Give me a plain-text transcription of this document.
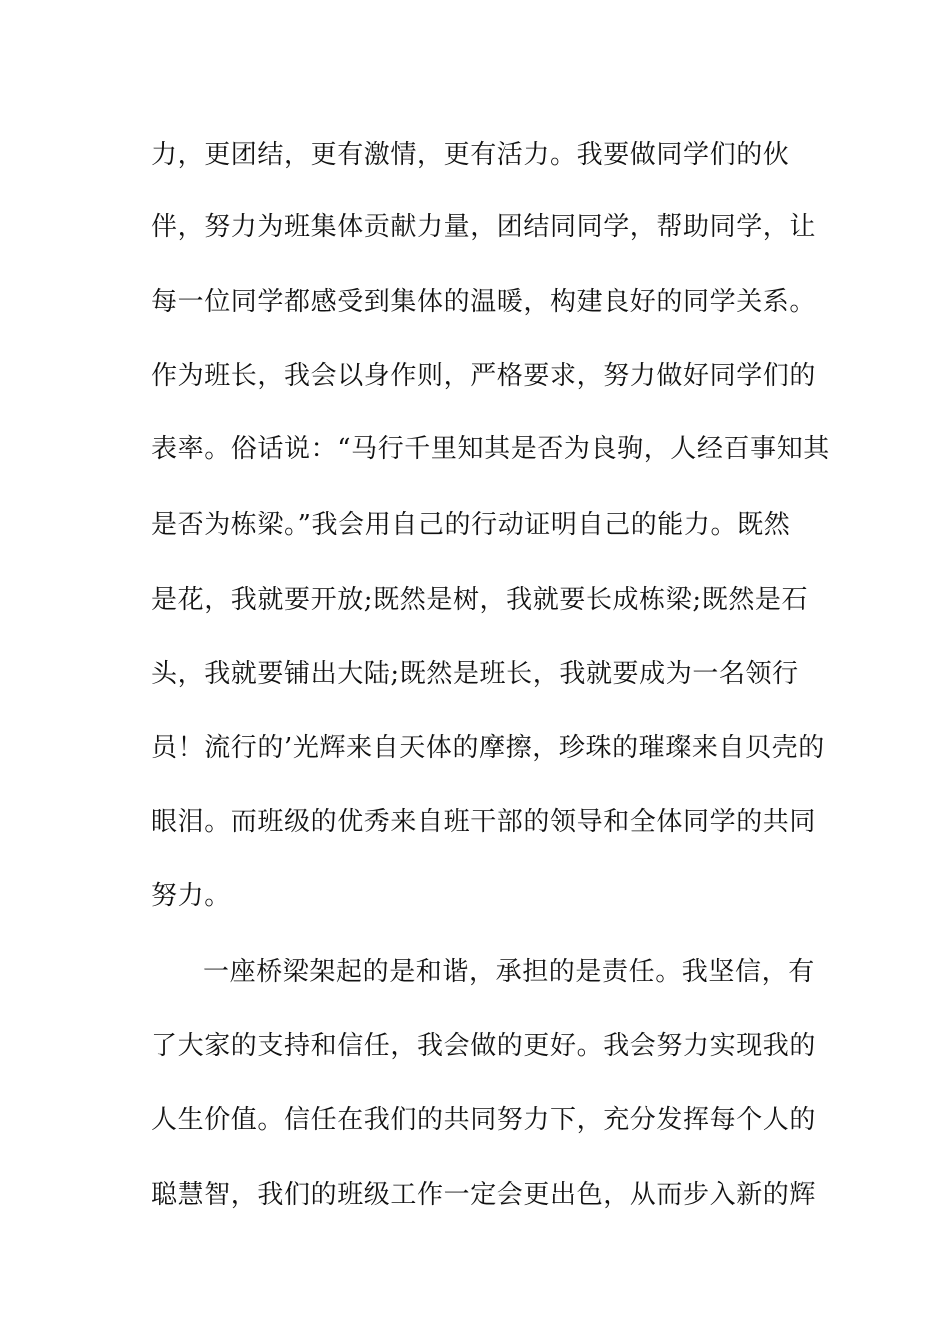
力，更团结，更有激情，更有活力。我要做同学们的伙
伴，努力为班集体贡献力量，团结同同学，帮助同学，让
每一位同学都感受到集体的温暖，构建良好的同学关系。
作为班长，我会以身作则，严格要求，努力做好同学们的
表率。俗话说：“马行千里知其是否为良驹，人经百事知其
是否为栋梁。”我会用自己的行动证明自己的能力。既然
是花，我就要开放;既然是树，我就要长成栋梁;既然是石
头，我就要铺出大陆;既然是班长，我就要成为一名领行
员！流行的’光辉来自天体的摩擦，珍珠的璀璨来自贝壳的
眼泪。而班级的优秀来自班干部的领导和全体同学的共同
努力。
一座桥梁架起的是和谐，承担的是责任。我坚信，有
了大家的支持和信任，我会做的更好。我会努力实现我的
人生价值。信任在我们的共同努力下，充分发挥每个人的
聪慧智，我们的班级工作一定会更出色，从而步入新的辉
